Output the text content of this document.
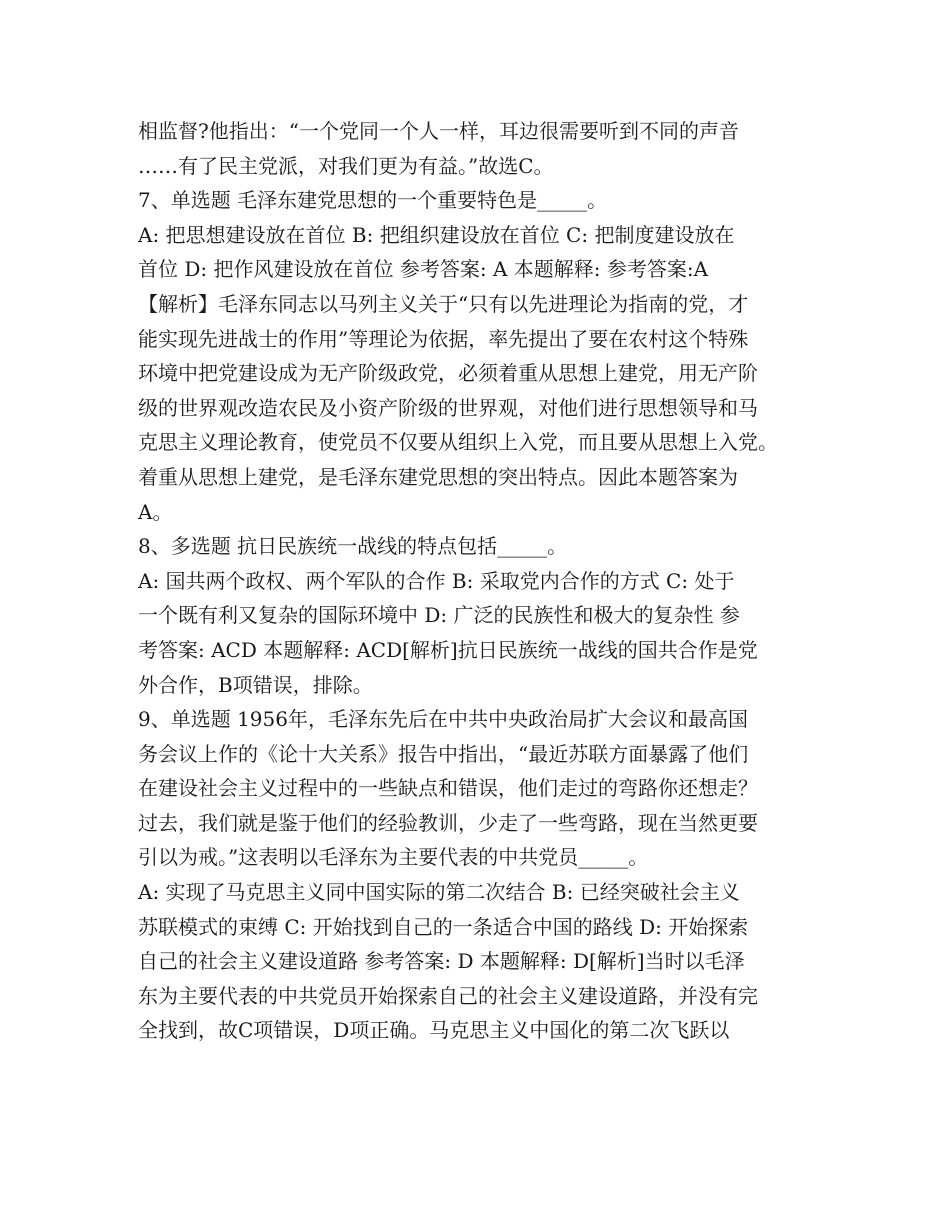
相监督?他指出：“一个党同一个人一样，耳边很需要听到不同的声音
……有了民主党派，对我们更为有益。”故选C。
7、单选题 毛泽东建党思想的一个重要特色是_____。
A: 把思想建设放在首位 B: 把组织建设放在首位 C: 把制度建设放在
首位 D: 把作风建设放在首位 参考答案: A 本题解释: 参考答案:A
【解析】毛泽东同志以马列主义关于“只有以先进理论为指南的党，才
能实现先进战士的作用”等理论为依据，率先提出了要在农村这个特殊
环境中把党建设成为无产阶级政党，必须着重从思想上建党，用无产阶
级的世界观改造农民及小资产阶级的世界观，对他们进行思想领导和马
克思主义理论教育，使党员不仅要从组织上入党，而且要从思想上入党。
着重从思想上建党，是毛泽东建党思想的突出特点。因此本题答案为
A。
8、多选题 抗日民族统一战线的特点包括_____。
A: 国共两个政权、两个军队的合作 B: 采取党内合作的方式 C: 处于
一个既有利又复杂的国际环境中 D: 广泛的民族性和极大的复杂性 参
考答案: ACD 本题解释: ACD[解析]抗日民族统一战线的国共合作是党
外合作，B项错误，排除。
9、单选题 1956年，毛泽东先后在中共中央政治局扩大会议和最高国
务会议上作的《论十大关系》报告中指出，“最近苏联方面暴露了他们
在建设社会主义过程中的一些缺点和错误，他们走过的弯路你还想走？
过去，我们就是鉴于他们的经验教训，少走了一些弯路，现在当然更要
引以为戒。”这表明以毛泽东为主要代表的中共党员_____。
A: 实现了马克思主义同中国实际的第二次结合 B: 已经突破社会主义
苏联模式的束缚 C: 开始找到自己的一条适合中国的路线 D: 开始探索
自己的社会主义建设道路 参考答案: D 本题解释: D[解析]当时以毛泽
东为主要代表的中共党员开始探索自己的社会主义建设道路，并没有完
全找到，故C项错误，D项正确。马克思主义中国化的第二次飞跃以
